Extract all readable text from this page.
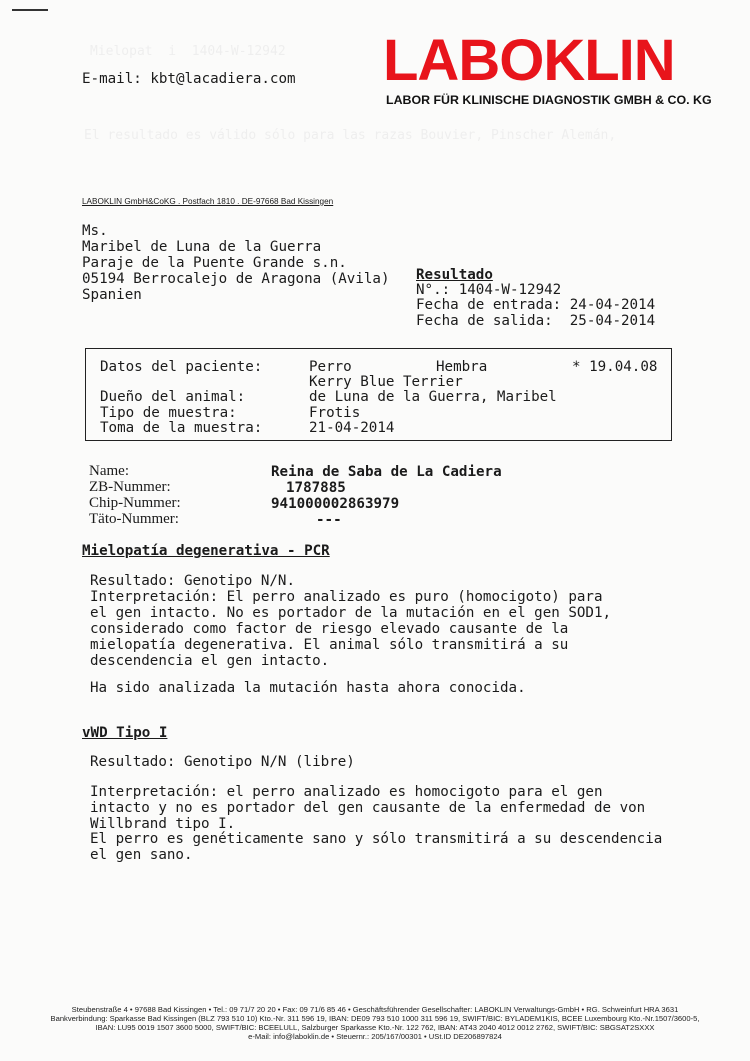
Mielopat  i  1404-W-12942
El resultado es válido sólo para las razas Bouvier, Pinscher Alemán,
LABOKLIN
LABOR FÜR KLINISCHE DIAGNOSTIK GMBH & CO. KG
E-mail: kbt@lacadiera.com
LABOKLIN GmbH&CoKG . Postfach 1810 . DE-97668 Bad Kissingen
Ms.
Maribel de Luna de la Guerra
Paraje de la Puente Grande s.n.
05194 Berrocalejo de Aragona (Avila)
Spanien
Resultado
N°.: 1404-W-12942
Fecha de entrada: 24-04-2014
Fecha de salida:  25-04-2014
Datos del paciente:	Perro	Hembra	* 19.04.08
Kerry Blue Terrier
Dueño del animal:	de Luna de la Guerra, Maribel
Tipo de muestra:	Frotis
Toma de la muestra:	21-04-2014
Name:	Reina de Saba de La Cadiera
ZB-Nummer:	1787885
Chip-Nummer:	941000002863979
Täto-Nummer:	---
Mielopatía degenerativa - PCR
Resultado: Genotipo N/N.
Interpretación: El perro analizado es puro (homocigoto) para
el gen intacto. No es portador de la mutación en el gen SOD1,
considerado como factor de riesgo elevado causante de la
mielopatía degenerativa. El animal sólo transmitirá a su
descendencia el gen intacto.
Ha sido analizada la mutación hasta ahora conocida.
vWD Tipo I
Resultado: Genotipo N/N (libre)
Interpretación: el perro analizado es homocigoto para el gen
intacto y no es portador del gen causante de la enfermedad de von
Willbrand tipo I.
El perro es genéticamente sano y sólo transmitirá a su descendencia
el gen sano.
Steubenstraße 4 • 97688 Bad Kissingen • Tel.: 09 71/7 20 20 • Fax: 09 71/6 85 46 • Geschäftsführender Gesellschafter: LABOKLIN Verwaltungs-GmbH • RG. Schweinfurt HRA 3631
Bankverbindung: Sparkasse Bad Kissingen (BLZ 793 510 10) Kto.-Nr. 311 596 19, IBAN: DE09 793 510 1000 311 596 19, SWIFT/BIC: BYLADEM1KIS, BCEE Luxembourg Kto.-Nr.1507/3600-5,
IBAN: LU95 0019 1507 3600 5000, SWIFT/BIC: BCEELULL, Salzburger Sparkasse Kto.-Nr. 122 762, IBAN: AT43 2040 4012 0012 2762, SWIFT/BIC: SBGSAT2SXXX
e-Mail: info@laboklin.de • Steuernr.: 205/167/00301 • USt.ID DE206897824
